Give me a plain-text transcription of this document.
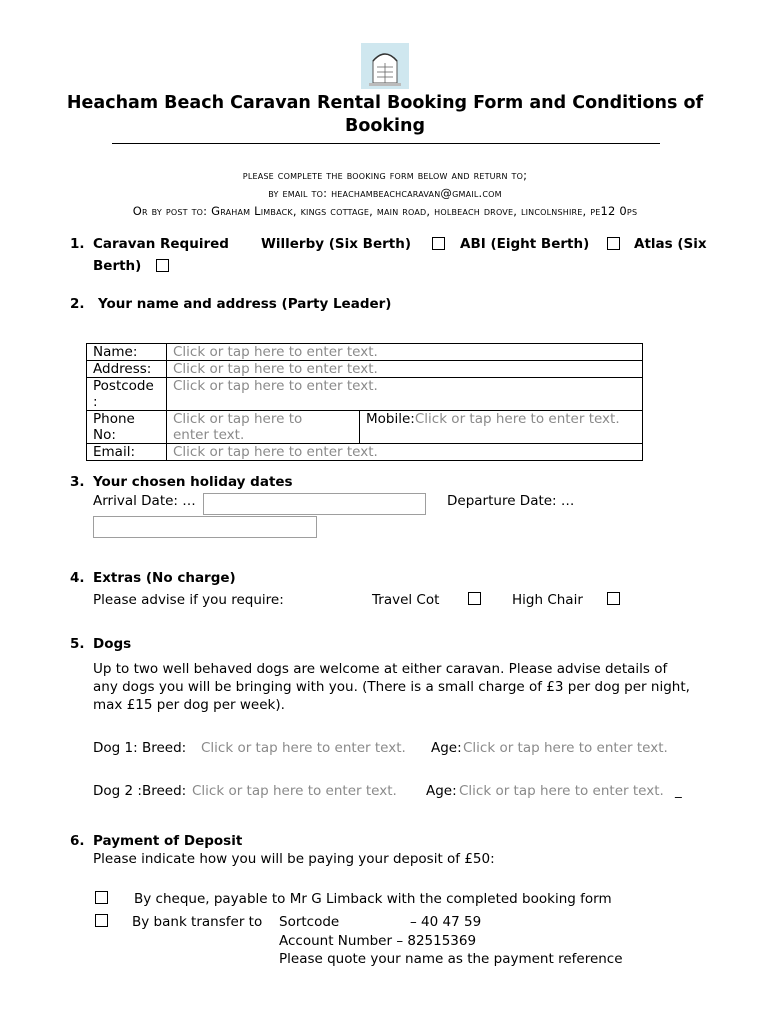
Heacham Beach Caravan Rental Booking Form and Conditions of Booking
please complete the booking form below and return to;
by email to: heachambeachcaravan@gmail.com
Or by post to: Graham Limback, kings cottage, main road, holbeach drove, lincolnshire, pe12 0ps
1. Caravan Required Willerby (Six Berth)	ABI (Eight Berth)	Atlas (Six
Berth)
2. Your name and address (Party Leader)
Name:	Click or tap here to enter text.	
Address:	Click or tap here to enter text.	
Postcode
:	Click or tap here to enter text.	
Phone
No:	Click or tap here to
enter text.	Mobile:Click or tap here to enter text.
Email:	Click or tap here to enter text.	
3. Your chosen holiday dates
Arrival Date: …	Departure Date: …
4. Extras (No charge)
Please advise if you require:	Travel Cot	High Chair
5. Dogs
Up to two well behaved dogs are welcome at either caravan. Please advise details of
any dogs you will be bringing with you. (There is a small charge of £3 per dog per night,
max £15 per dog per week).
Dog 1: Breed: Click or tap here to enter text. Age: Click or tap here to enter text.
Dog 2 :Breed: Click or tap here to enter text. Age: Click or tap here to enter text. _
6. Payment of Deposit
Please indicate how you will be paying your deposit of £50:
By cheque, payable to Mr G Limback with the completed booking form
By bank transfer to Sortcode	– 40 47 59
Account Number – 82515369
Please quote your name as the payment reference
